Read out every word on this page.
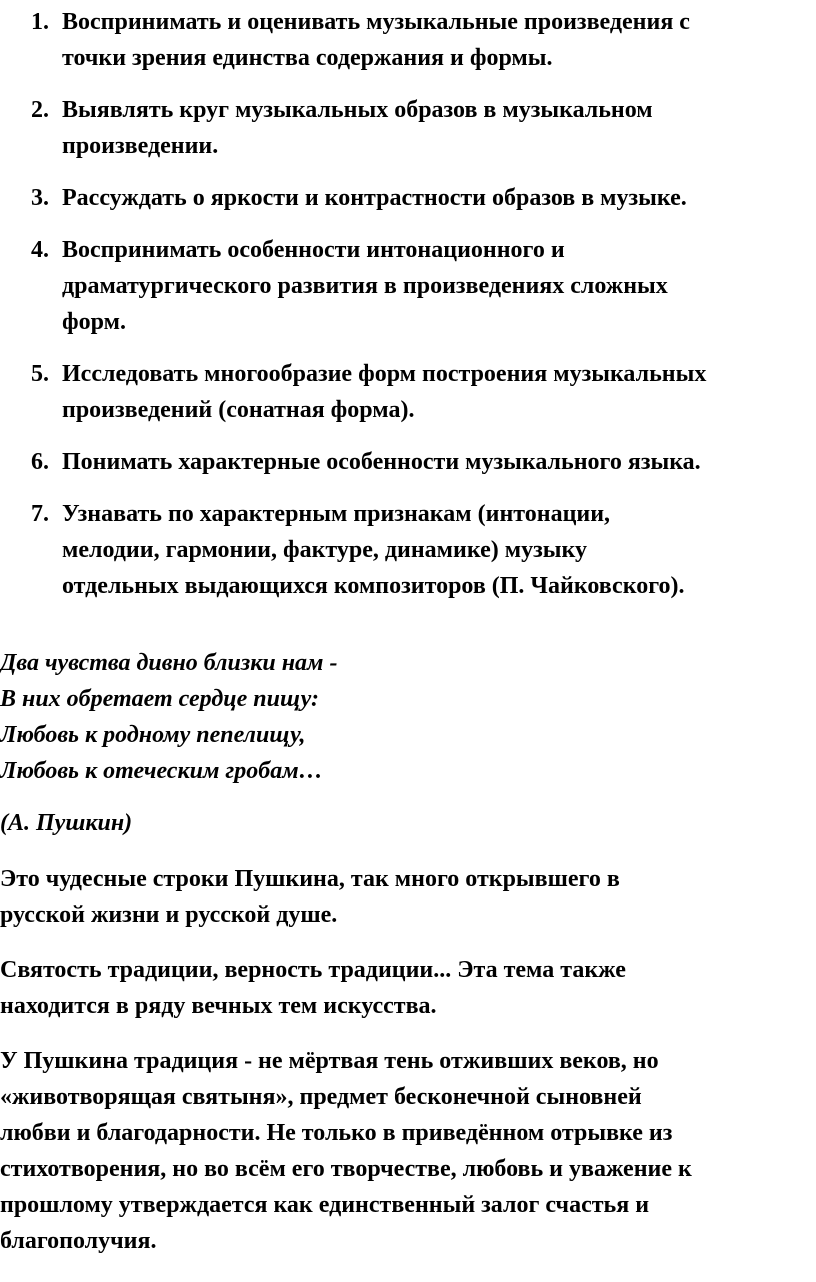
1. Воспринимать и оценивать музыкальные произведения с
точки зрения единства содержания и формы.
2. Выявлять круг музыкальных образов в музыкальном
произведении.
3. Рассуждать о яркости и контрастности образов в музыке.
4. Воспринимать особенности интонационного и
драматургического развития в произведениях сложных
форм.
5. Исследовать многообразие форм построения музыкальных
произведений (сонатная форма).
6. Понимать характерные особенности музыкального языка.
7. Узнавать по характерным признакам (интонации,
мелодии, гармонии, фактуре, динамике) музыку
отдельных выдающихся композиторов (П. Чайковского).
Два чувства дивно близки нам -
В них обретает сердце пищу:
Любовь к родному пепелищу,
Любовь к отеческим гробам…
(А. Пушкин)
Это чудесные строки Пушкина, так много открывшего в
русской жизни и русской душе.
Святость традиции, верность традиции... Эта тема также
находится в ряду вечных тем искусства.
У Пушкина традиция - не мёртвая тень отживших веков, но
«животворящая святыня», предмет бесконечной сыновней
любви и благодарности. Не только в приведённом отрывке из
стихотворения, но во всём его творчестве, любовь и уважение к
прошлому утверждается как единственный залог счастья и
благополучия.
